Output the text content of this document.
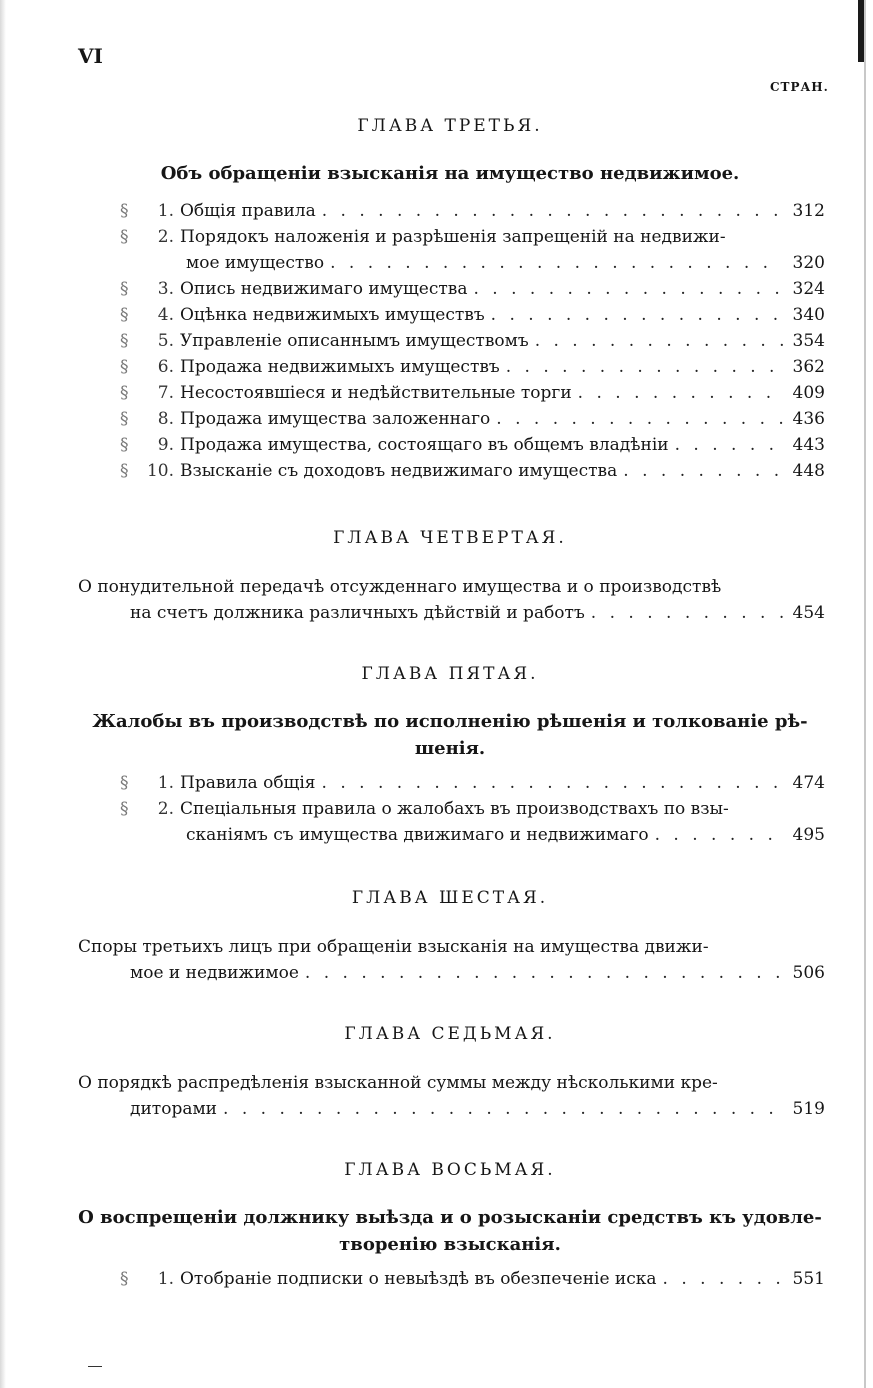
VI
СТРАН.
ГЛАВА ТРЕТЬЯ.
Объ обращеніи взысканія на имущество недвижимое.
§	1. Общія правила . . .	312
§	2. Порядокъ наложенія и разрѣшенія запрещеній на недвижи-
мое имущество . . .	320
§	3. Опись недвижимаго имущества . . .	324
§	4. Оцѣнка недвижимыхъ имуществъ . . .	340
§	5. Управленіе описаннымъ имуществомъ . . .	354
§	6. Продажа недвижимыхъ имуществъ . . .	362
§	7. Несостоявшіеся и недѣйствительные торги . . .	409
§	8. Продажа имущества заложеннаго . . .	436
§	9. Продажа имущества, состоящаго въ общемъ владѣніи . . .	443
§	10. Взысканіе съ доходовъ недвижимаго имущества . . .	448
ГЛАВА ЧЕТВЕРТАЯ.
О понудительной передачѣ отсужденнаго имущества и о производствѣ
на счетъ должника различныхъ дѣйствій и работъ . . .	454
ГЛАВА ПЯТАЯ.
Жалобы въ производствѣ по исполненію рѣшенія и толкованіе рѣ-
шенія.
§	1. Правила общія . . .	474
§	2. Спеціальныя правила о жалобахъ въ производствахъ по взы-
сканіямъ съ имущества движимаго и недвижимаго . . .	495
ГЛАВА ШЕСТАЯ.
Споры третьихъ лицъ при обращеніи взысканія на имущества движи-
мое и недвижимое . . .	506
ГЛАВА СЕДЬМАЯ.
О порядкѣ распредѣленія взысканной суммы между нѣсколькими кре-
диторами . . .	519
ГЛАВА ВОСЬМАЯ.
О воспрещеніи должнику выѣзда и о розысканіи средствъ къ удовле-
творенію взысканія.
§	1. Отобраніе подписки о невыѣздѣ въ обезпеченіе иска . . .	551
